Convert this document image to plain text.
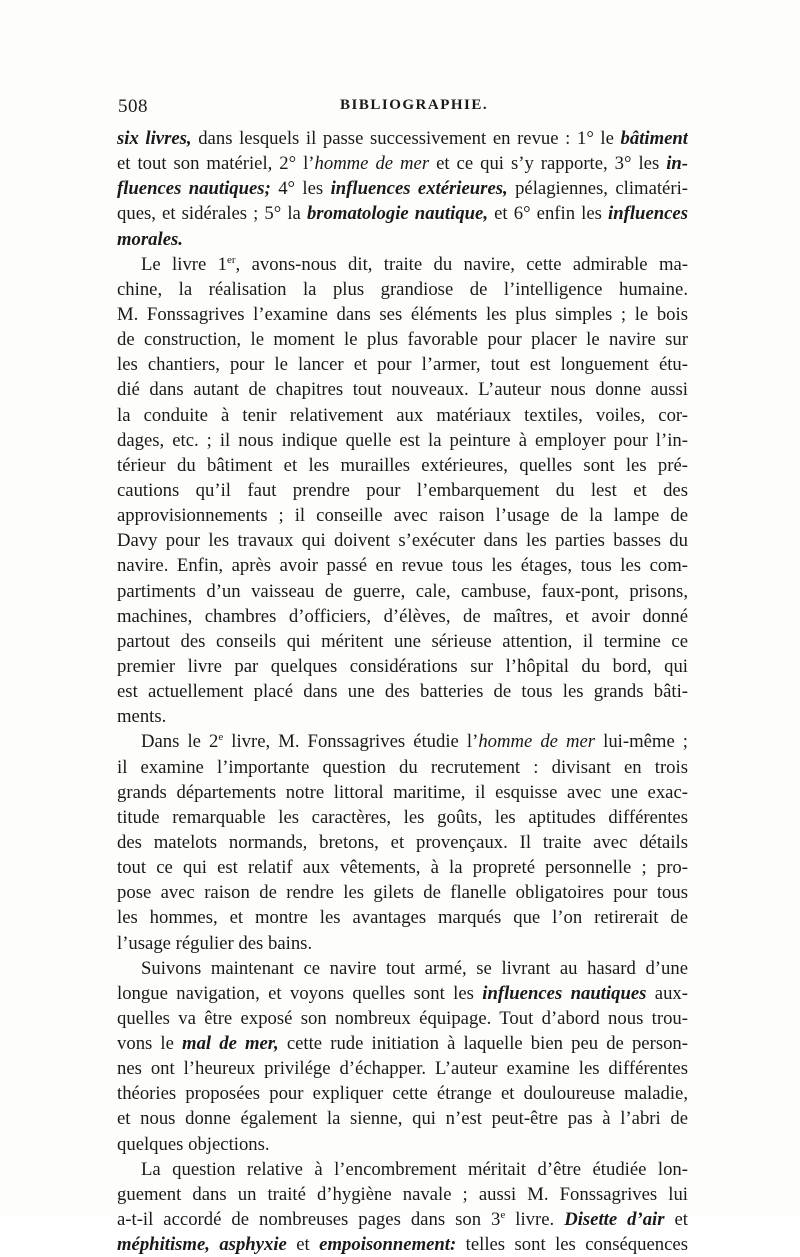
508	BIBLIOGRAPHIE.
six livres, dans lesquels il passe successivement en revue : 1° le bâtiment
et tout son matériel, 2° l’homme de mer et ce qui s’y rapporte, 3° les in-
fluences nautiques; 4° les influences extérieures, pélagiennes, climatéri-
ques, et sidérales ; 5° la bromatologie nautique, et 6° enfin les influences
morales.
Le livre 1er, avons-nous dit, traite du navire, cette admirable ma-
chine, la réalisation la plus grandiose de l’intelligence humaine.
M. Fonssagrives l’examine dans ses éléments les plus simples ; le bois
de construction, le moment le plus favorable pour placer le navire sur
les chantiers, pour le lancer et pour l’armer, tout est longuement étu-
dié dans autant de chapitres tout nouveaux. L’auteur nous donne aussi
la conduite à tenir relativement aux matériaux textiles, voiles, cor-
dages, etc. ; il nous indique quelle est la peinture à employer pour l’in-
térieur du bâtiment et les murailles extérieures, quelles sont les pré-
cautions qu’il faut prendre pour l’embarquement du lest et des
approvisionnements ; il conseille avec raison l’usage de la lampe de
Davy pour les travaux qui doivent s’exécuter dans les parties basses du
navire. Enfin, après avoir passé en revue tous les étages, tous les com-
partiments d’un vaisseau de guerre, cale, cambuse, faux-pont, prisons,
machines, chambres d’officiers, d’élèves, de maîtres, et avoir donné
partout des conseils qui méritent une sérieuse attention, il termine ce
premier livre par quelques considérations sur l’hôpital du bord, qui
est actuellement placé dans une des batteries de tous les grands bâti-
ments.
Dans le 2e livre, M. Fonssagrives étudie l’homme de mer lui-même ;
il examine l’importante question du recrutement : divisant en trois
grands départements notre littoral maritime, il esquisse avec une exac-
titude remarquable les caractères, les goûts, les aptitudes différentes
des matelots normands, bretons, et provençaux. Il traite avec détails
tout ce qui est relatif aux vêtements, à la propreté personnelle ; pro-
pose avec raison de rendre les gilets de flanelle obligatoires pour tous
les hommes, et montre les avantages marqués que l’on retirerait de
l’usage régulier des bains.
Suivons maintenant ce navire tout armé, se livrant au hasard d’une
longue navigation, et voyons quelles sont les influences nautiques aux-
quelles va être exposé son nombreux équipage. Tout d’abord nous trou-
vons le mal de mer, cette rude initiation à laquelle bien peu de person-
nes ont l’heureux privilége d’échapper. L’auteur examine les différentes
théories proposées pour expliquer cette étrange et douloureuse maladie,
et nous donne également la sienne, qui n’est peut-être pas à l’abri de
quelques objections.
La question relative à l’encombrement méritait d’être étudiée lon-
guement dans un traité d’hygiène navale ; aussi M. Fonssagrives lui
a-t-il accordé de nombreuses pages dans son 3e livre. Disette d’air et
méphitisme, asphyxie et empoisonnement: telles sont les conséquences
